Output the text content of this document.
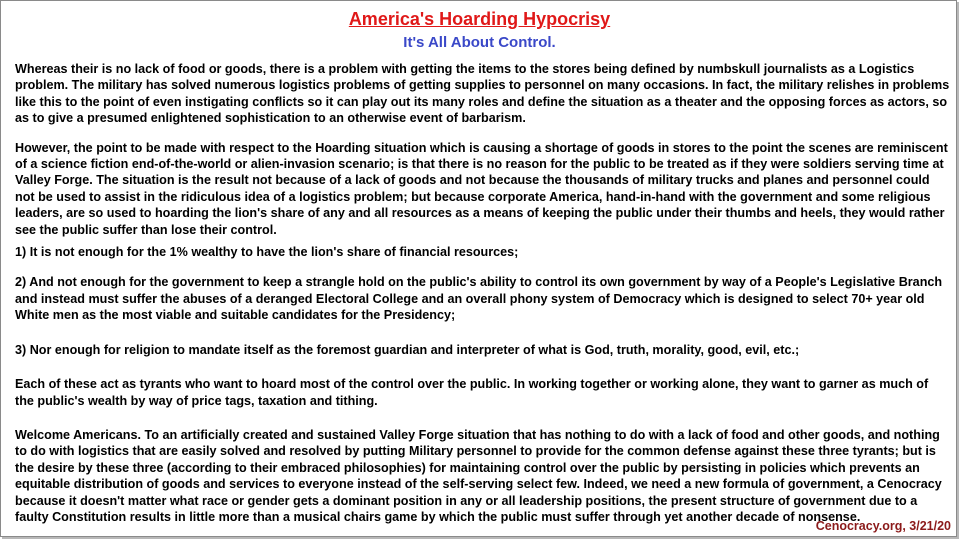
America's Hoarding Hypocrisy
It's All About Control.

Whereas their is no lack of food or goods, there is a problem with getting the items to the stores being defined by numbskull journalists as a Logistics problem. The military has solved numerous logistics problems of getting supplies to personnel on many occasions. In fact, the military relishes in problems like this to the point of even instigating conflicts so it can play out its many roles and define the situation as a theater and the opposing forces as actors, so as to give a presumed enlightened sophistication to an otherwise event of barbarism.

However, the point to be made with respect to the Hoarding situation which is causing a shortage of goods in stores to the point the scenes are reminiscent of a science fiction end-of-the-world or alien-invasion scenario; is that there is no reason for the public to be treated as if they were soldiers serving time at Valley Forge. The situation is the result not because of a lack of goods and not because the thousands of military trucks and planes and personnel could not be used to assist in the ridiculous idea of a logistics problem; but because corporate America, hand-in-hand with the government and some religious leaders, are so used to hoarding the lion's share of any and all resources as a means of keeping the public under their thumbs and heels, they would rather see the public suffer than lose their control.

1) It is not enough for the 1% wealthy to have the lion's share of financial resources;

2) And not enough for the government to keep a strangle hold on the public's ability to control its own government by way of a People's Legislative Branch and instead must suffer the abuses of a deranged Electoral College and an overall phony system of Democracy which is designed to select 70+ year old White men as the most viable and suitable candidates for the Presidency;

3) Nor enough for religion to mandate itself as the foremost guardian and interpreter of what is God, truth, morality, good, evil, etc.;

Each of these act as tyrants who want to hoard most of the control over the public. In working together or working alone, they want to garner as much of the public's wealth by way of price tags, taxation and tithing.

Welcome Americans. To an artificially created and sustained Valley Forge situation that has nothing to do with a lack of food and other goods, and nothing to do with logistics that are easily solved and resolved by putting Military personnel to provide for the common defense against these three tyrants; but is the desire by these three (according to their embraced philosophies) for maintaining control over the public by persisting in policies which prevents an equitable distribution of goods and services to everyone instead of the self-serving select few. Indeed, we need a new formula of government, a Cenocracy because it doesn't matter what race or gender gets a dominant position in any or all leadership positions, the present structure of government due to a faulty Constitution results in little more than a musical chairs game by which the public must suffer through yet another decade of nonsense.

Cenocracy.org, 3/21/20
